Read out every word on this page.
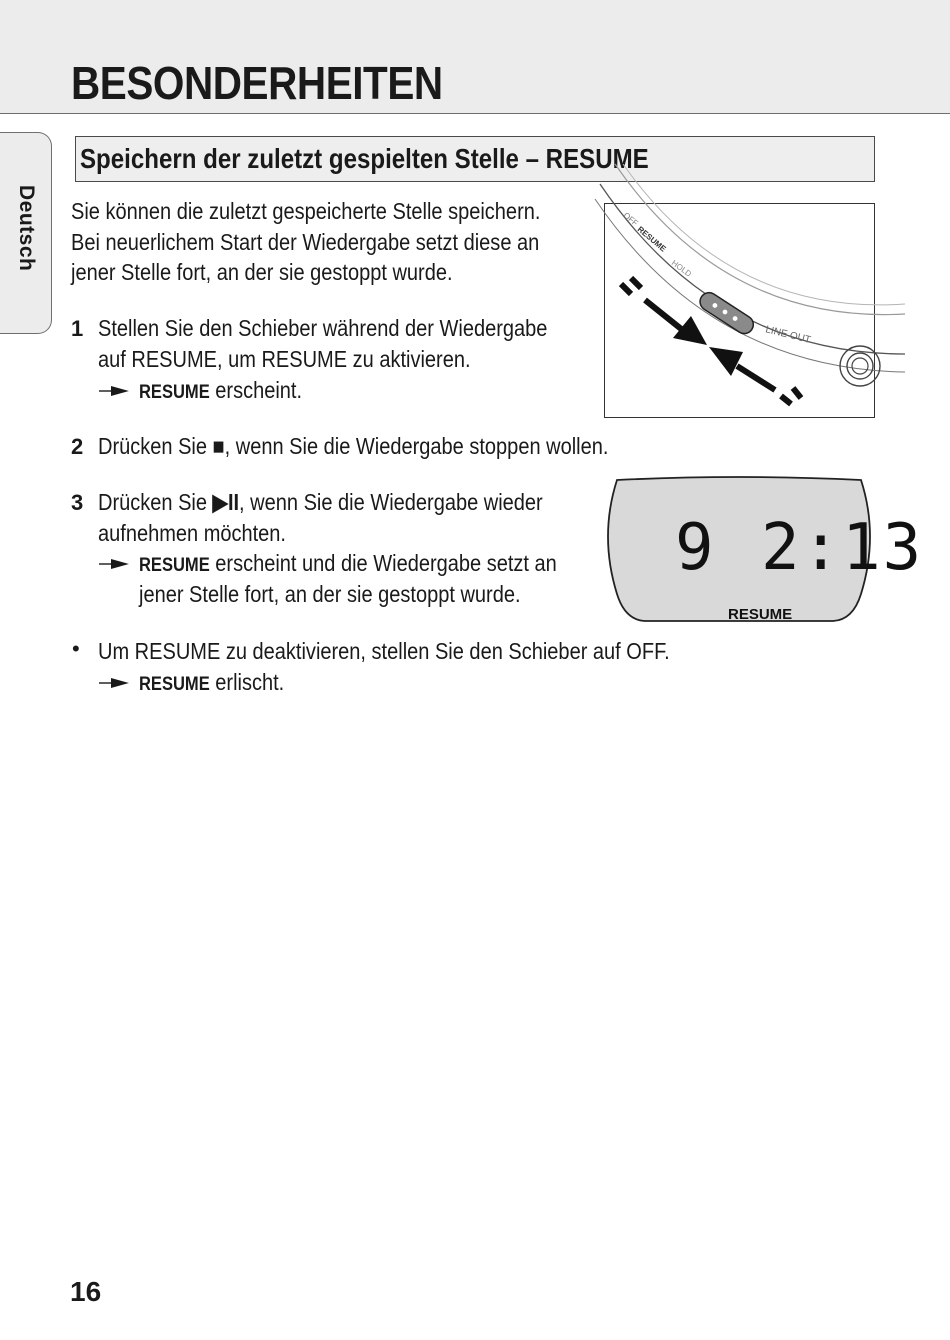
BESONDERHEITEN
Deutsch
Speichern der zuletzt gespielten Stelle – RESUME

Sie können die zuletzt gespeicherte Stelle speichern.

Bei neuerlichem Start der Wiedergabe setzt diese an

jener Stelle fort, an der sie gestoppt wurde.

1 Stellen Sie den Schieber während der Wiedergabe

auf RESUME, um RESUME zu aktivieren.

RESUME erscheint.

OFF
RESUME
HOLD
LINE OUT
2 Drücken Sie ■, wenn Sie die Wiedergabe stoppen wollen.

3 Drücken Sie ▶II, wenn Sie die Wiedergabe wieder

aufnehmen möchten.

RESUME erscheint und die Wiedergabe setzt an

jener Stelle fort, an der sie gestoppt wurde.

9 2:13
RESUME
• Um RESUME zu deaktivieren, stellen Sie den Schieber auf OFF.

RESUME erlischt.

16
